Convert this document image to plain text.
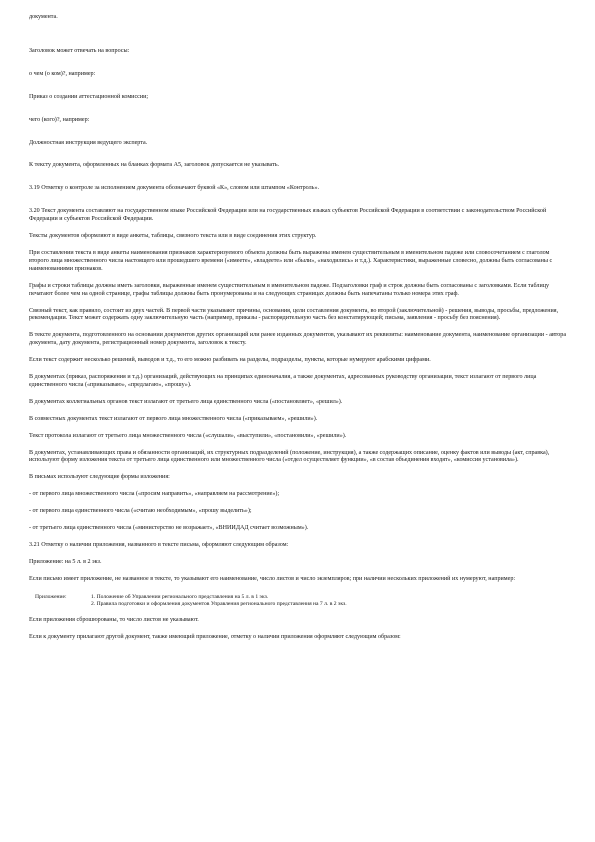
документа.

Заголовок может отвечать на вопросы:

о чем (о ком)?, например:

Приказ о создании аттестационной комиссии;

чего (кого)?, например:

Должностная инструкция ведущего эксперта.

К тексту документа, оформленных на бланках формата А5, заголовок допускается не указывать.

3.19 Отметку о контроле за исполнением документа обозначают буквой «К», словом или штампом «Контроль».

3.20 Текст документа составляют на государственном языке Российской Федерации или на государственных языках субъектов Российской Федерации в соответствии с законодательством Российской Федерации и субъектов Российской Федерации.

Тексты документов оформляют в виде анкеты, таблицы, связного текста или в виде соединения этих структур.

При составлении текста в виде анкеты наименования признаков характеризуемого объекта должны быть выражены именем существительным в именительном падеже или словосочетанием с глаголом второго лица множественного числа настоящего или прошедшего времени («имеете», «владеете» или «были», «находились» и т.д.). Характеристики, выраженные словесно, должны быть согласованы с наименованиями признаков.

Графы и строки таблицы должны иметь заголовки, выраженные именем существительным в именительном падеже. Подзаголовки граф и строк должны быть согласованы с заголовками. Если таблицу печатают более чем на одной странице, графы таблицы должны быть пронумерованы и на следующих страницах должны быть напечатаны только номера этих граф.

Связный текст, как правило, состоит из двух частей. В первой части указывают причины, основания, цели составления документа, во второй (заключительной) - решения, выводы, просьбы, предложения, рекомендации. Текст может содержать одну заключительную часть (например, приказы - распорядительную часть без констатирующей; письма, заявления - просьбу без пояснения).

В тексте документа, подготовленного на основании документов других организаций или ранее изданных документов, указывают их реквизиты: наименование документа, наименование организации - автора документа, дату документа, регистрационный номер документа, заголовок к тексту.

Если текст содержит несколько решений, выводов и т.д., то его можно разбивать на разделы, подразделы, пункты, которые нумеруют арабскими цифрами.

В документах (приказ, распоряжения и т.д.) организаций, действующих на принципах единоначалия, а также документах, адресованных руководству организации, текст излагают от первого лица единственного числа («приказываю», «предлагаю», «прошу»).

В документах коллегиальных органов текст излагают от третьего лица единственного числа («постановляет», «решил»).

В совместных документах текст излагают от первого лица множественного числа («приказываем», «решили»).

Текст протокола излагают от третьего лица множественного числа («слушали», «выступили», «постановили», «решили»).

В документах, устанавливающих права и обязанности организаций, их структурных подразделений (положение, инструкция), а также содержащих описание, оценку фактов или выводы (акт, справка), используют форму изложения текста от третьего лица единственного или множественного числа («отдел осуществляет функции», «в состав объединения входят», «комиссия установила»).

В письмах используют следующие формы изложения:

- от первого лица множественного числа («просим направить», «направляем на рассмотрение»);

- от первого лица единственного числа («считаю необходимым», «прошу выделить»);

- от третьего лица единственного числа («министерство не возражает», «ВНИИДАД считает возможным»).

3.21 Отметку о наличии приложения, названного в тексте письма, оформляют следующим образом:

Приложение: на 5 л. в 2 экз.

Если письмо имеет приложение, не названное в тексте, то указывают его наименование, число листов и число экземпляров; при наличии нескольких приложений их нумеруют, например:

Приложение:	1. Положение об Управлении регионального представления на 5 л. в 1 экз.
2. Правила подготовки и оформления документов Управления регионального представления на 7 л. в 2 экз.

Если приложения сброшюрованы, то число листов не указывают.

Если к документу прилагают другой документ, также имеющий приложение, отметку о наличии приложения оформляют следующим образом:
